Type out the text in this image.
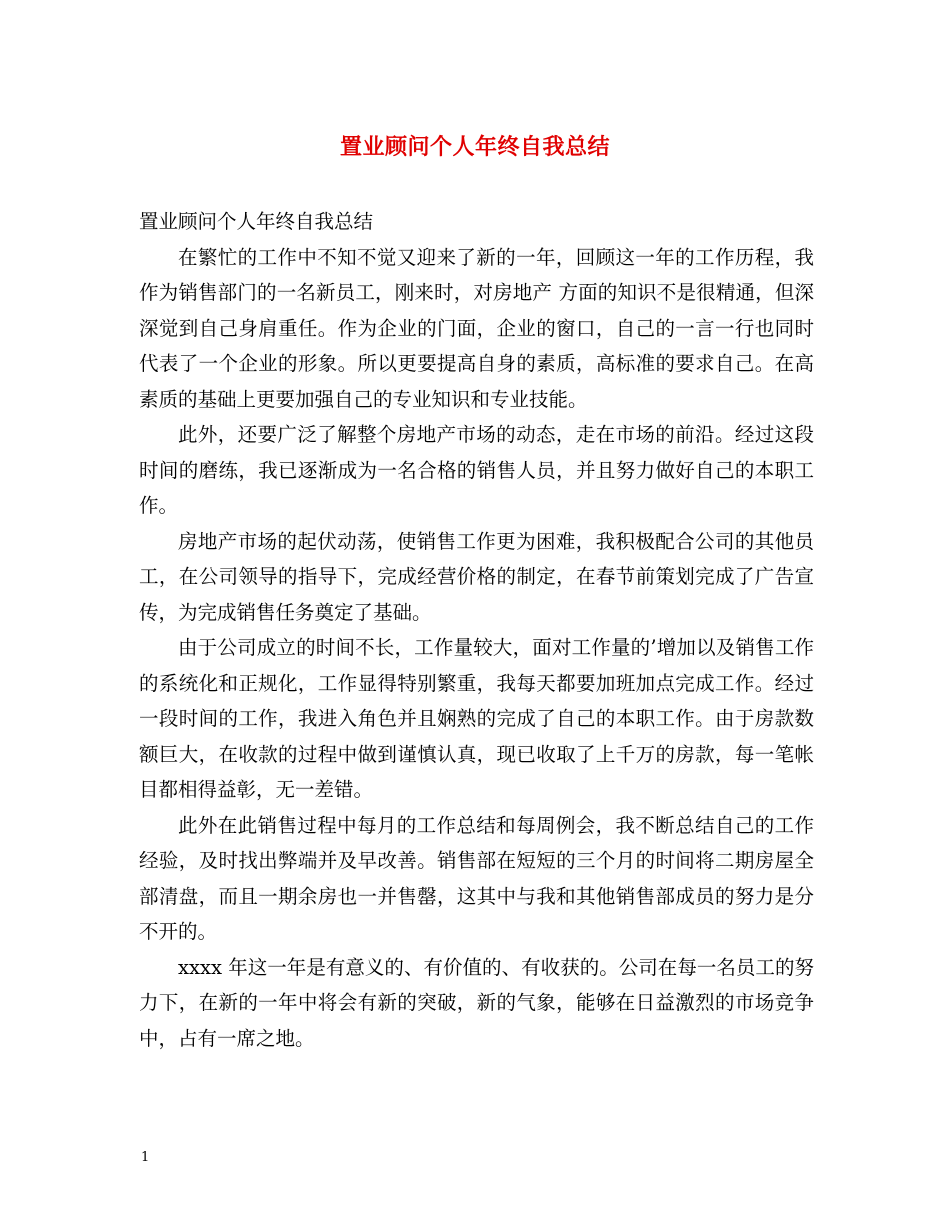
置业顾问个人年终自我总结

置业顾问个人年终自我总结

在繁忙的工作中不知不觉又迎来了新的一年，回顾这一年的工作历程，我作为销售部门的一名新员工，刚来时，对房地产 方面的知识不是很精通，但深深觉到自己身肩重任。作为企业的门面，企业的窗口，自己的一言一行也同时代表了一个企业的形象。所以更要提高自身的素质，高标准的要求自己。在高素质的基础上更要加强自己的专业知识和专业技能。

此外，还要广泛了解整个房地产市场的动态，走在市场的前沿。经过这段时间的磨练，我已逐渐成为一名合格的销售人员，并且努力做好自己的本职工作。

房地产市场的起伏动荡，使销售工作更为困难，我积极配合公司的其他员工，在公司领导的指导下，完成经营价格的制定，在春节前策划完成了广告宣传，为完成销售任务奠定了基础。

由于公司成立的时间不长，工作量较大，面对工作量的’增加以及销售工作的系统化和正规化，工作显得特别繁重，我每天都要加班加点完成工作。经过一段时间的工作，我进入角色并且娴熟的完成了自己的本职工作。由于房款数额巨大，在收款的过程中做到谨慎认真，现已收取了上千万的房款，每一笔帐目都相得益彰，无一差错。

此外在此销售过程中每月的工作总结和每周例会，我不断总结自己的工作经验，及时找出弊端并及早改善。销售部在短短的三个月的时间将二期房屋全部清盘，而且一期余房也一并售罄，这其中与我和其他销售部成员的努力是分不开的。

xxxx 年这一年是有意义的、有价值的、有收获的。公司在每一名员工的努力下，在新的一年中将会有新的突破，新的气象，能够在日益激烈的市场竞争中，占有一席之地。

1
